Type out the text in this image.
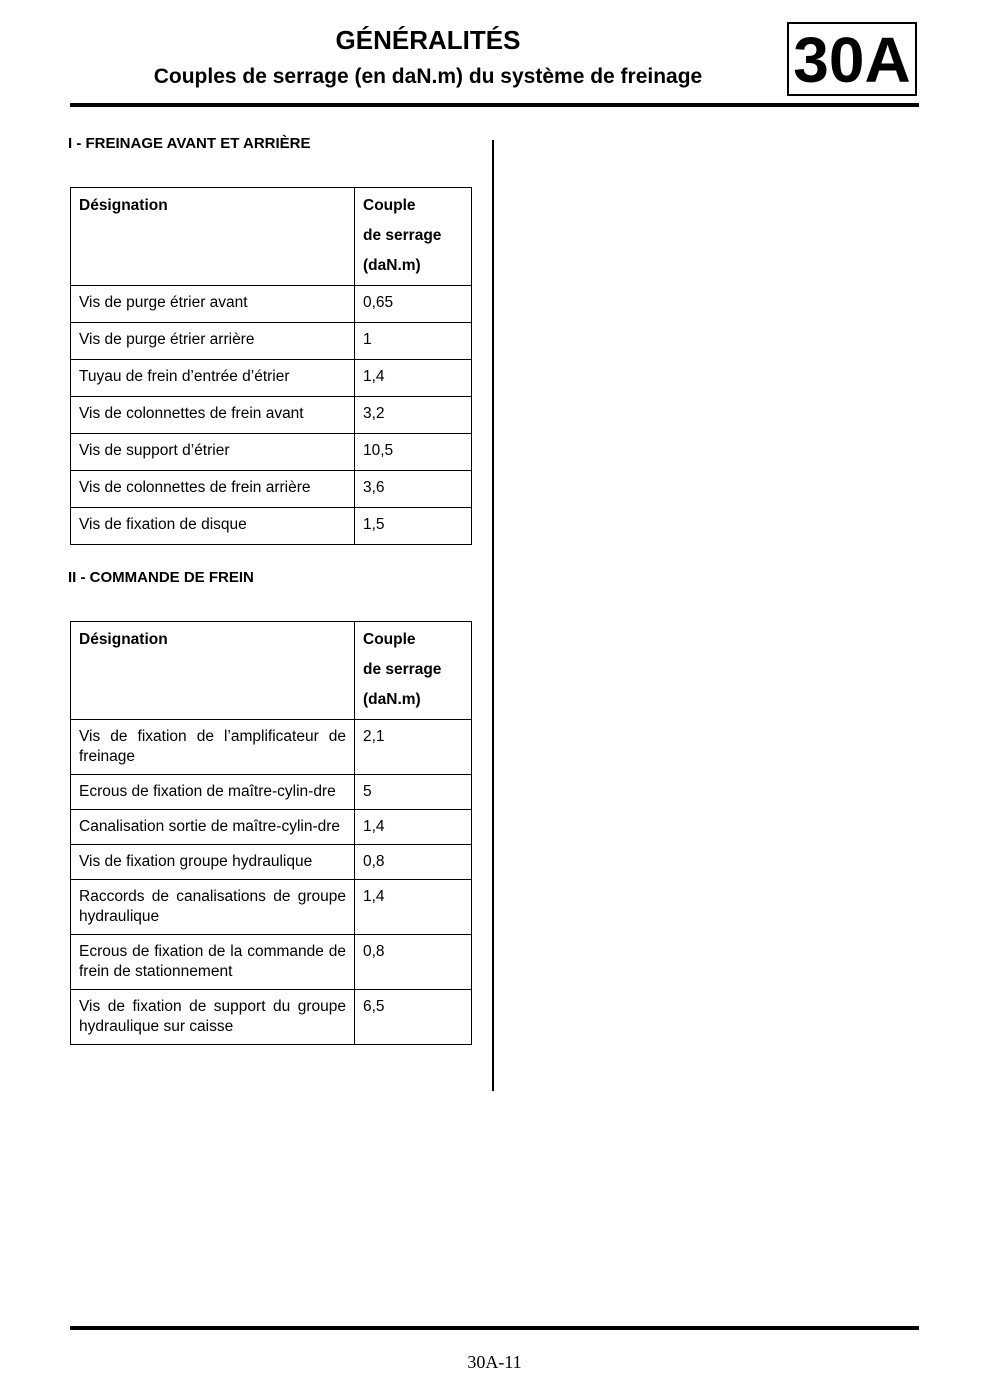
GÉNÉRALITÉS
Couples de serrage (en daN.m) du système de freinage	30A

I - FREINAGE AVANT ET ARRIÈRE

Désignation	Couple
de serrage
(daN.m)

Vis de purge étrier avant	0,65
Vis de purge étrier arrière	1
Tuyau de frein d’entrée d’étrier	1,4
Vis de colonnettes de frein avant	3,2
Vis de support d’étrier	10,5
Vis de colonnettes de frein arrière	3,6
Vis de fixation de disque	1,5

II - COMMANDE DE FREIN

Désignation	Couple
de serrage
(daN.m)

Vis de fixation de l’amplificateur de freinage	2,1
Ecrous de fixation de maître-cylin-dre	5
Canalisation sortie de maître-cylin-dre	1,4
Vis de fixation groupe hydraulique	0,8
Raccords de canalisations de groupe hydraulique	1,4
Ecrous de fixation de la commande de frein de stationnement	0,8
Vis de fixation de support du groupe hydraulique sur caisse	6,5
30A-11
